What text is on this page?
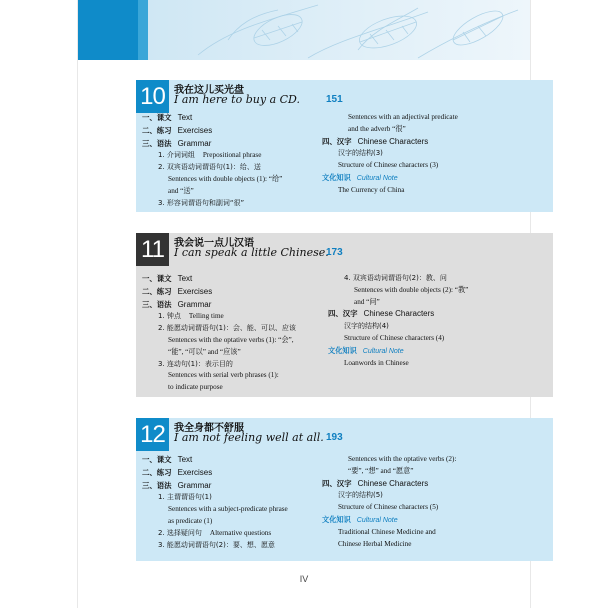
10 我在这儿买光盘
I am here to buy a CD.	151
一、课文 Text
二、练习 Exercises
三、语法 Grammar
1. 介词词组 Prepositional phrase
2. 双宾语动词谓语句(1)：给、送
Sentences with double objects (1): “给”
and “送”
3. 形容词谓语句和副词“很”
Sentences with an adjectival predicate
and the adverb “很”
四、汉字 Chinese Characters
汉字的结构(3)
Structure of Chinese characters (3)
文化知识 Cultural Note
The Currency of China
11	我会说一点儿汉语
I can speak a little Chinese.
173
一、课文 Text
二、练习 Exercises
三、语法 Grammar
1. 钟点 Telling time
2. 能愿动词谓语句(1)：会、能、可以、应该
Sentences with the optative verbs (1): “会”,
“能”, “可以” and “应该”
3. 连动句(1)：表示目的
Sentences with serial verb phrases (1):
to indicate purpose
4. 双宾语动词谓语句(2)：教、问
Sentences with double objects (2): “教”
and “问”
四、汉字 Chinese Characters
汉字的结构(4)
Structure of Chinese characters (4)
文化知识 Cultural Note
Loanwords in Chinese
12 我全身都不舒服
I am not feeling well at all. 193
一、课文 Text
二、练习 Exercises
三、语法 Grammar
1. 主谓谓语句(1)
Sentences with a subject-predicate phrase
as predicate (1)
2. 选择疑问句 Alternative questions
3. 能愿动词谓语句(2)：要、想、愿意
Sentences with the optative verbs (2):
“要”, “想” and “愿意”
四、汉字 Chinese Characters
汉字的结构(5)
Structure of Chinese characters (5)
文化知识 Cultural Note
Traditional Chinese Medicine and
Chinese Herbal Medicine
IV
